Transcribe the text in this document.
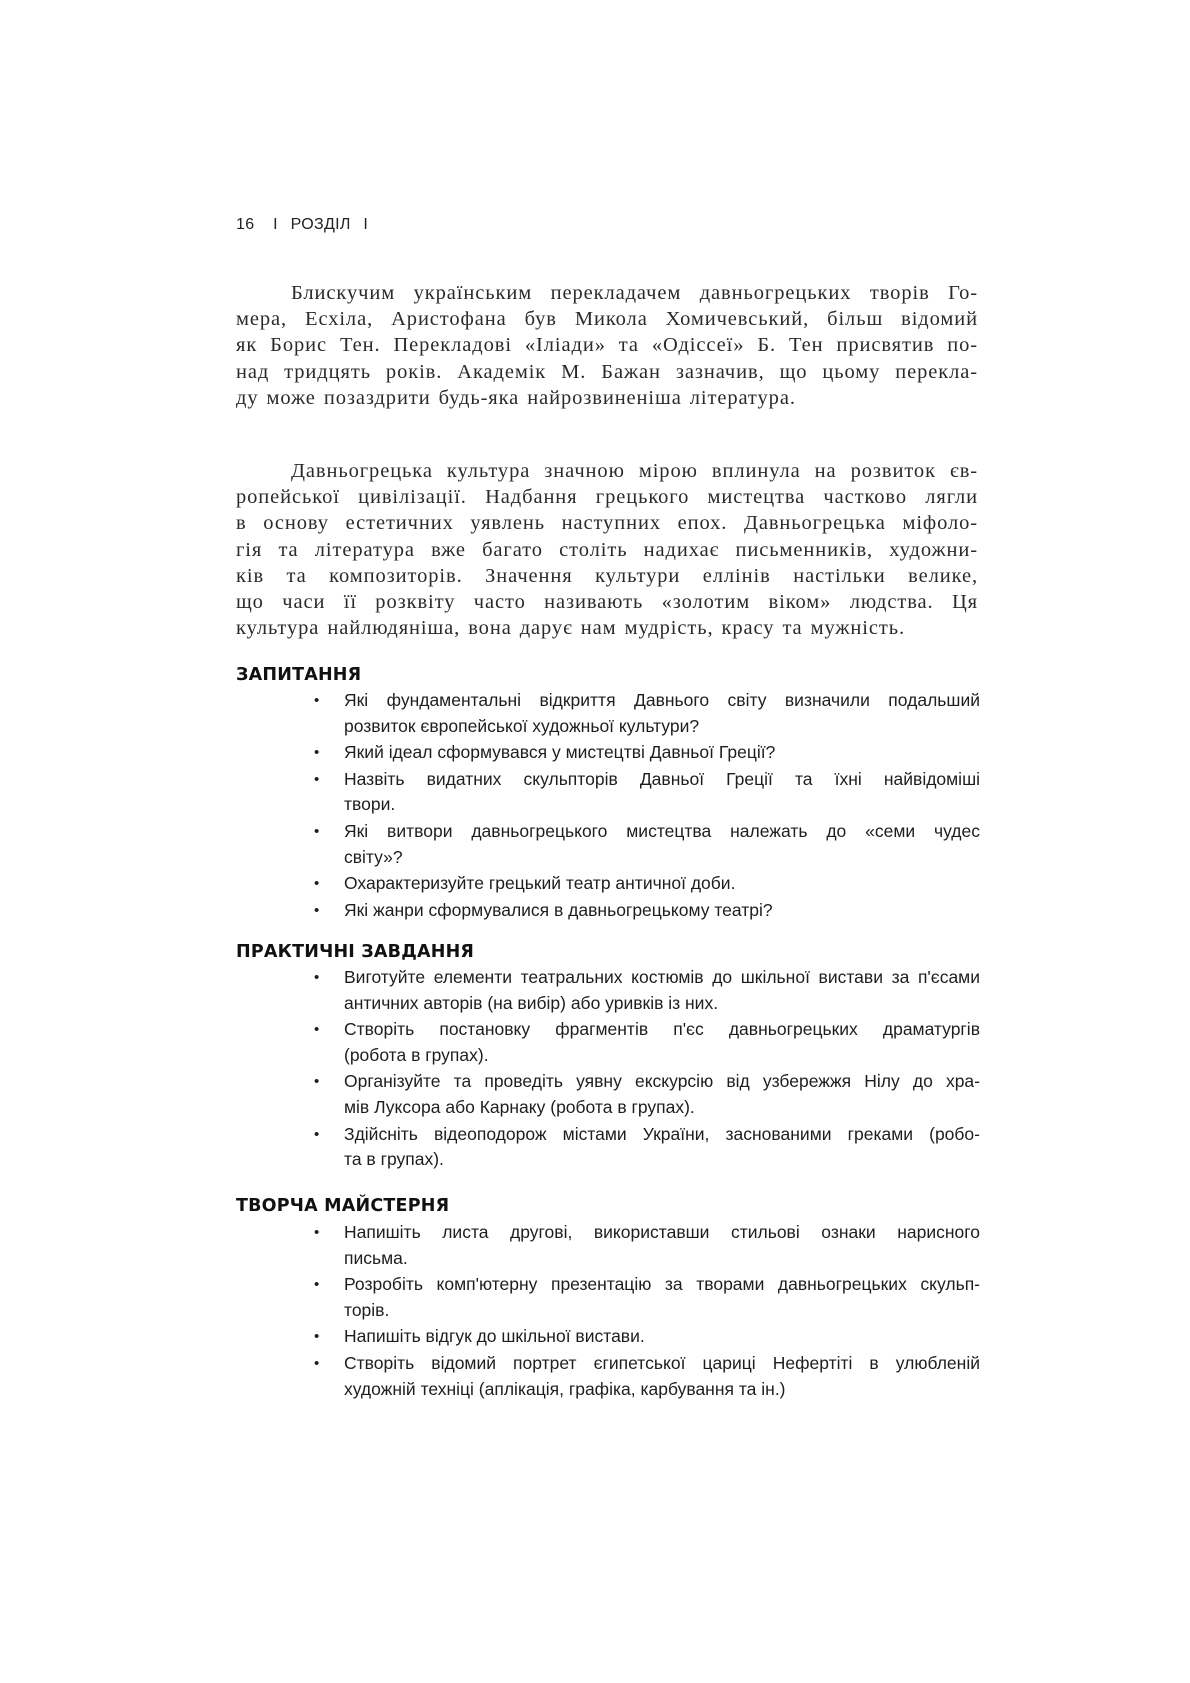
16 I РОЗДІЛ I

Блискучим українським перекладачем давньогрецьких творів Го-
мера, Есхіла, Аристофана був Микола Хомичевський, більш відомий
як Борис Тен. Перекладові «Іліади» та «Одіссеї» Б. Тен присвятив по-
над тридцять років. Академік М. Бажан зазначив, що цьому перекла-
ду може позаздрити будь-яка найрозвиненіша література.

Давньогрецька культура значною мірою вплинула на розвиток єв-
ропейської цивілізації. Надбання грецького мистецтва частково лягли
в основу естетичних уявлень наступних епох. Давньогрецька міфоло-
гія та література вже багато століть надихає письменників, художни-
ків та композиторів. Значення культури еллінів настільки велике,
що часи її розквіту часто називають «золотим віком» людства. Ця
культура найлюдяніша, вона дарує нам мудрість, красу та мужність.

ЗАПИТАННЯ
• Які фундаментальні відкриття Давнього світу визначили подальший
розвиток європейської художньої культури?
• Який ідеал сформувався у мистецтві Давньої Греції?
• Назвіть видатних скульпторів Давньої Греції та їхні найвідоміші
твори.
• Які витвори давньогрецького мистецтва належать до «семи чудес
світу»?
• Охарактеризуйте грецький театр античної доби.
• Які жанри сформувалися в давньогрецькому театрі?
ПРАКТИЧНІ ЗАВДАННЯ
• Виготуйте елементи театральних костюмів до шкільної вистави за п'єсами
античних авторів (на вибір) або уривків із них.
• Створіть постановку фрагментів п'єс давньогрецьких драматургів
(робота в групах).
• Організуйте та проведіть уявну екскурсію від узбережжя Нілу до хра-
мів Луксора або Карнаку (робота в групах).
• Здійсніть відеоподорож містами України, заснованими греками (робо-
та в групах).
ТВОРЧА МАЙСТЕРНЯ
• Напишіть листа другові, використавши стильові ознаки нарисного
письма.
• Розробіть комп'ютерну презентацію за творами давньогрецьких скульп-
торів.
• Напишіть відгук до шкільної вистави.
• Створіть відомий портрет єгипетської цариці Нефертіті в улюбленій
художній техніці (аплікація, графіка, карбування та ін.)
